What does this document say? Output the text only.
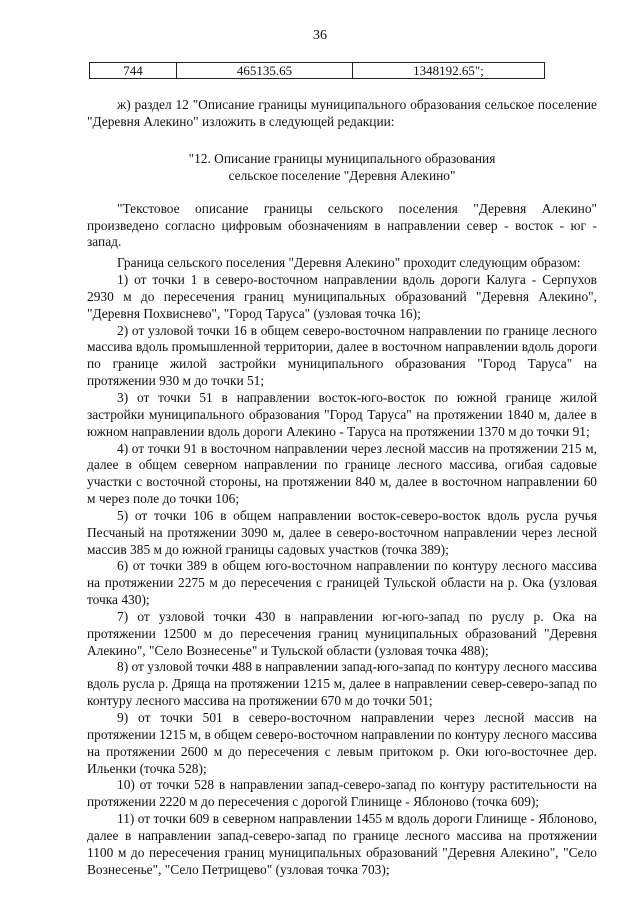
36
744	465135.65	1348192.65";

ж) раздел 12 "Описание границы муниципального образования сельское поселение "Деревня Алекино" изложить в следующей редакции:

"12. Описание границы муниципального образования
сельское поселение "Деревня Алекино"

"Текстовое описание границы сельского поселения "Деревня Алекино" произведено согласно цифровым обозначениям в направлении север - восток - юг - запад.

Граница сельского поселения "Деревня Алекино" проходит следующим образом:

1) от точки 1 в северо-восточном направлении вдоль дороги Калуга - Серпухов 2930 м до пересечения границ муниципальных образований "Деревня Алекино", "Деревня Похвиснево", "Город Таруса" (узловая точка 16);

2) от узловой точки 16 в общем северо-восточном направлении по границе лесного массива вдоль промышленной территории, далее в восточном направлении вдоль дороги по границе жилой застройки муниципального образования "Город Таруса" на протяжении 930 м до точки 51;

3) от точки 51 в направлении восток-юго-восток по южной границе жилой застройки муниципального образования "Город Таруса" на протяжении 1840 м, далее в южном направлении вдоль дороги Алекино - Таруса на протяжении 1370 м до точки 91;

4) от точки 91 в восточном направлении через лесной массив на протяжении 215 м, далее в общем северном направлении по границе лесного массива, огибая садовые участки с восточной стороны, на протяжении 840 м, далее в восточном направлении 60 м через поле до точки 106;

5) от точки 106 в общем направлении восток-северо-восток вдоль русла ручья Песчаный на протяжении 3090 м, далее в северо-восточном направлении через лесной массив 385 м до южной границы садовых участков (точка 389);

6) от точки 389 в общем юго-восточном направлении по контуру лесного массива на протяжении 2275 м до пересечения с границей Тульской области на р. Ока (узловая точка 430);

7) от узловой точки 430 в направлении юг-юго-запад по руслу р. Ока на протяжении 12500 м до пересечения границ муниципальных образований "Деревня Алекино", "Село Вознесенье" и Тульской области (узловая точка 488);

8) от узловой точки 488 в направлении запад-юго-запад по контуру лесного массива вдоль русла р. Дряща на протяжении 1215 м, далее в направлении север-северо-запад по контуру лесного массива на протяжении 670 м до точки 501;

9) от точки 501 в северо-восточном направлении через лесной массив на протяжении 1215 м, в общем северо-восточном направлении по контуру лесного массива на протяжении 2600 м до пересечения с левым притоком р. Оки юго-восточнее дер. Ильенки (точка 528);

10) от точки 528 в направлении запад-северо-запад по контуру растительности на протяжении 2220 м до пересечения с дорогой Глинище - Яблоново (точка 609);

11) от точки 609 в северном направлении 1455 м вдоль дороги Глинище - Яблоново, далее в направлении запад-северо-запад по границе лесного массива на протяжении 1100 м до пересечения границ муниципальных образований "Деревня Алекино", "Село Вознесенье", "Село Петрищево" (узловая точка 703);
